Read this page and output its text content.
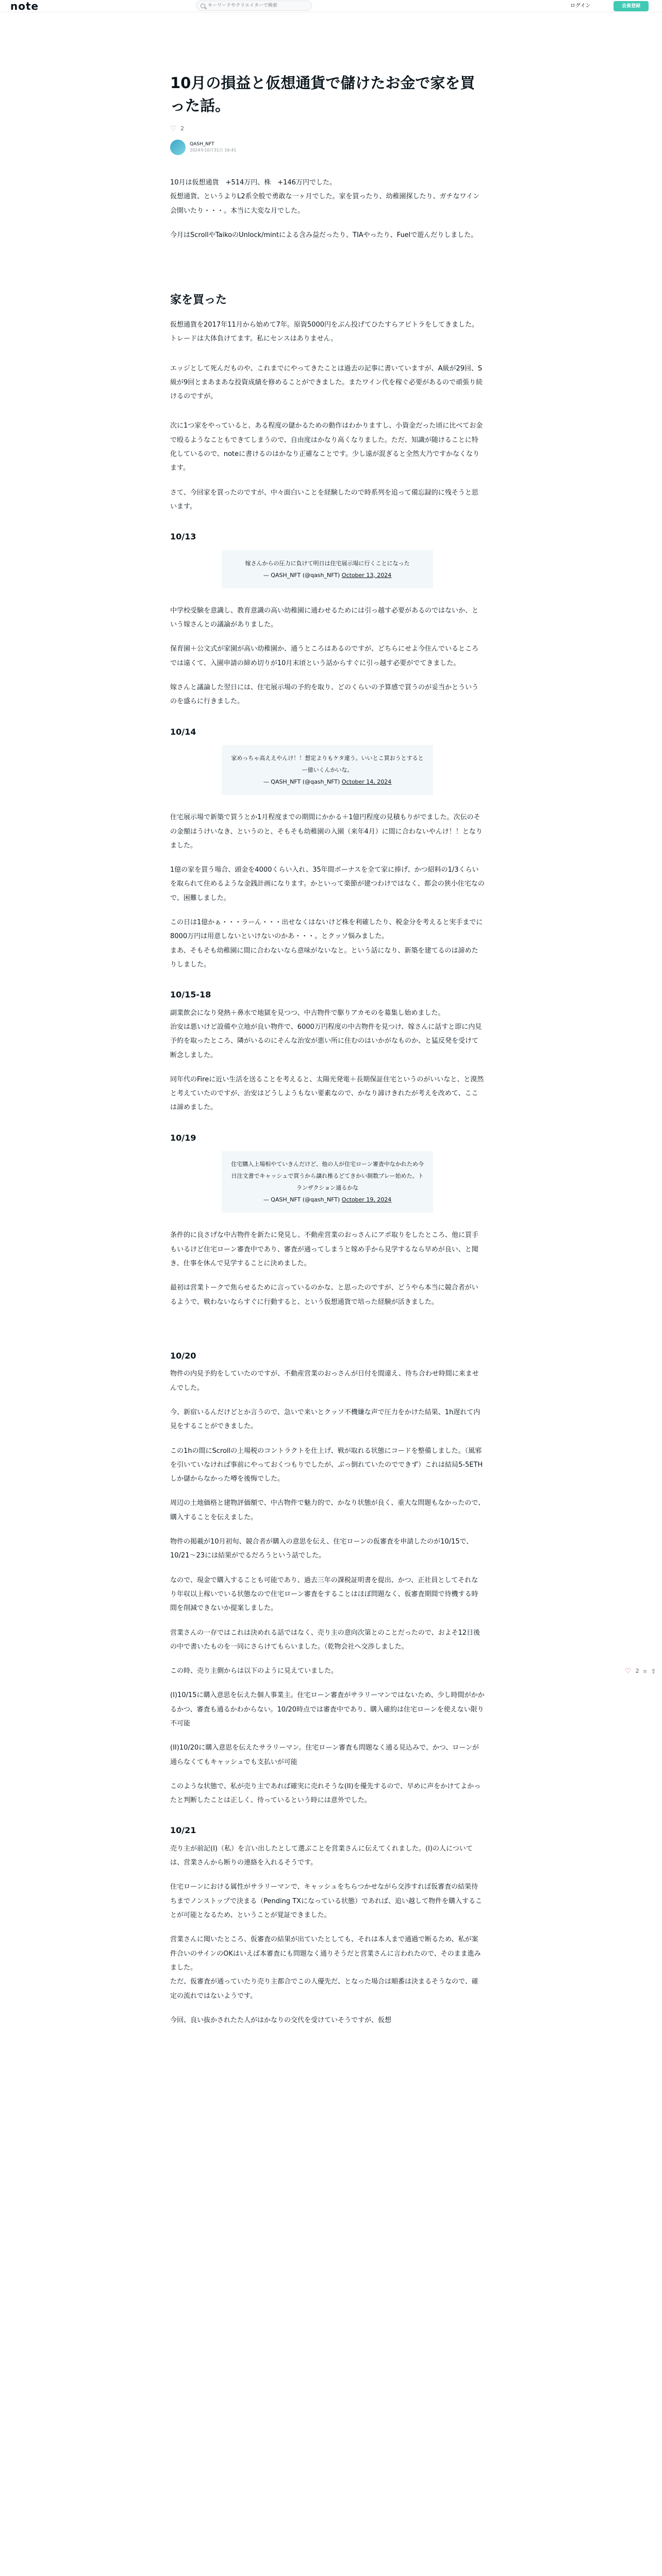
note
キーワードやクリエイターで検索	ログイン	会員登録
10月の損益と仮想通貨で儲けたお金で家を買った話。
♡ 2
QASH_NFT
2024年10月31日 16:41

10月は仮想通貨　+514万円、株　+146万円でした。

仮想通貨、というよりL2系全般で勇敢な一ヶ月でした。家を買ったり、幼稚園探したり、ガチなワイン会開いたり・・・。本当に大変な月でした。

今月はScrollやTaikoのUnlock/mintによる含み益だったり、TIAやったり、Fuelで遊んだりしました。

家を買った

仮想通貨を2017年11月から始めて7年。原資5000円をぶん投げてひたすらアビトラをしてきました。トレードは大体負けてます。私にセンスはありません。

エッジとして死んだものや、これまでにやってきたことは過去の記事に書いていますが、A級が29回、S級が9回とまあまあな投資成績を修めることができました。またワイン代を稼ぐ必要があるので頑張り続けるのですが。

次に1つ家をやっていると、ある程度の儲かるための動作はわかりますし、小資金だった頃に比べてお金で殴るようなこともできてしまうので、自由度はかなり高くなりました。ただ、知識が随けることに特化しているので、noteに書けるのはかなり正確なことです。少し遠が混ぎると全然大乃ですかなくなります。

さて、今回家を買ったのですが、中々面白いことを経験したので時系列を追って備忘録的に残そうと思います。

10/13
嫁さんからの圧力に負けて明日は住宅展示場に行くことになった
— QASH_NFT (@qash_NFT) October 13, 2024

中学校受験を意識し、教育意識の高い幼稚園に通わせるためには引っ越す必要があるのではないか、という嫁さんとの議論がありました。

保育園＋公文式が家園が高い幼稚園か、通うところはあるのですが、どちらにせよ今住んでいるところでは遠くて、入園申請の締め切りが10月末頃という話からすぐに引っ越す必要がでてきました。

嫁さんと議論した翌日には、住宅展示場の予約を取り、どのくらいの予算感で買うのが妥当かとういうのを盛らに行きました。

10/14
家めっちゃ高ええやんけ！！想定よりもケタ違う。いいとこ買おうとするとー億いくんかいな。
— QASH_NFT (@qash_NFT) October 14, 2024

住宅展示場で新築で買うとか1月程度までの期間にかかる＋1億円程度の見積もりがでました。次伝のその金額はうけいなき、というのと、そもそも幼稚園の入園（来年4月）に間に合わないやんけ！！となりました。

1億の家を買う場合、頭金を4000くらい入れ、35年間ボーナスを全て家に捧げ、かつ紹料の1/3くらいを取られて住めるような金銭計画になります。かといって楽節が建つわけではなく、都会の狭小住宅なので、困難しました。

この日は1億かぁ・・・ラーん・・・出せなくはないけど株を利確したり、税金分を考えると実手までに8000万円は用意しないといけないのかあ・・・。とクッソ悩みました。

まあ、そもそも幼稚園に間に合わないなら意味がないなと。という話になり、新築を建てるのは諦めたりしました。

10/15-18

副業飲会になり発熱＋鼻水で地獄を見つつ、中古物件で駆りアカモのを募集し始めました。

治安は悪いけど設備や立地が良い物件で、6000万円程度の中古物件を見つけ、嫁さんに話すと即に内見予約を取ったところ、隣がいるのにそんな治安が悪い所に住むのはいかがなものか、と猛反発を受けて断念しました。

同年代のFireに近い生活を送ることを考えると、太陽光発電＋長期保証住宅というのがいいなと、と漠然と考えていたのですが、治安はどうしようもない要素なので、かなり諦けきれたが考えを改めて、ここは諦めました。

10/19
住宅購入上場相やていきんだけど、他の人が住宅ローン審査中なかれため今日注文書でキャッシュで買うから譲れ椎るどてきかい制数ブレー始めた。トランザクション通るかな
— QASH_NFT (@qash_NFT) October 19, 2024

条件的に良さげな中古物件を新たに発見し、不動産営業のおっさんにアポ取りをしたところ、他に買手もいるけど住宅ローン審査中であり、審査が通ってしまうと嫁め手から見学するなら早めが良い、と聞き、仕事を休んで見学することに決めました。

最初は営業トークで焦らせるために言っているのかな、と思ったのですが、どうやら本当に競合者がいるようで、戦わないならすぐに行動すると、という仮想通貨で培った経験が活きました。

10/20

物件の内見予約をしていたのですが、不動産営業のおっさんが日付を間違え、待ち合わせ時間に来ませんでした。

今、新宿いるんだけどとか言うので、急いで来いとクッソ不機嫌な声で圧力をかけた結果、1h遅れて内見をすることができました。

この1hの間にScrollの上場税のコントラクトを仕上げ、戦が取れる状態にコードを整備しました。（風邪を引いていなければ事前にやっておくつもりでしたが、ぶっ倒れていたのでできず）これは結局5-5ETHしか儲からなかった噂を後悔でした。

周辺の土地価格と建物評価額で、中古物件で魅力的で、かなり状態が良く、重大な問題もなかったので、購入することを伝えました。

物件の掲載が10月初旬、競合者が購入の意思を伝え、住宅ローンの仮審査を申請したのが10/15で、10/21～23には結果がでるだろうという話でした。

なので、現金で購入することも可能であり、過去三年の課税証明書を提出、かつ、正社員としてそれなり年収以上稼いでいる状態なので住宅ローン審査をすることはほぼ問題なく、仮審査期間で待機する時間を削減できないか提案しました。

営業さんの一存ではこれは決めれる話ではなく、売り主の意向次第とのことだったので、およそ12日後の中で書いたものを一同にさらけてもらいました。（乾物会社へ交渉しました。

この時、売り主側からは以下のように見えていました。

(I)10/15に購入意思を伝えた個人事業主。住宅ローン審査がサラリーマンではないため、少し時間がかかるかつ、審査も通るかわからない。10/20時点では審査中であり、購入確約は住宅ローンを使えない限り不可能

(II)10/20に購入意思を伝えたサラリーマン。住宅ローン審査も問題なく通る見込みで、かつ、ローンが通らなくてもキャッシュでも支払いが可能

このような状態で、私が売り主であれば確実に売れそうな(II)を優先するので、早めに声をかけてよかったと判断したことは正しく、待っているという時には意外でした。

10/21

売り主が前記(I)（私）を言い出したとして選ぶことを営業さんに伝えてくれました。(I)の人については、営業さんから断りの連絡を入れるそうです。

住宅ローンにおける属性がサラリーマンで、キャッシュをちらつかせながら交渉すれば仮審査の結果待ちまでノンストップで決まる（Pending TXになっている状態）であれば、追い越して物件を購入することが可能となるため、ということが覚証できました。

営業さんに聞いたところ、仮審査の結果が出ていたとしても、それは本人まで通過で断るため、私が案件合いのサインのOKはいえば本審査にも問題なく通りそうだと営業さんに言われたので、そのまま進みました。

ただ、仮審査が通っていたり売り主都合でこの人優先だ、となった場合は順番は決まるそうなので、確定の流れではないようです。

今回、良い抜かされたた人がはかなりの交代を受けていそうですが、仮想

♡ 2 ⌗ ⇪
